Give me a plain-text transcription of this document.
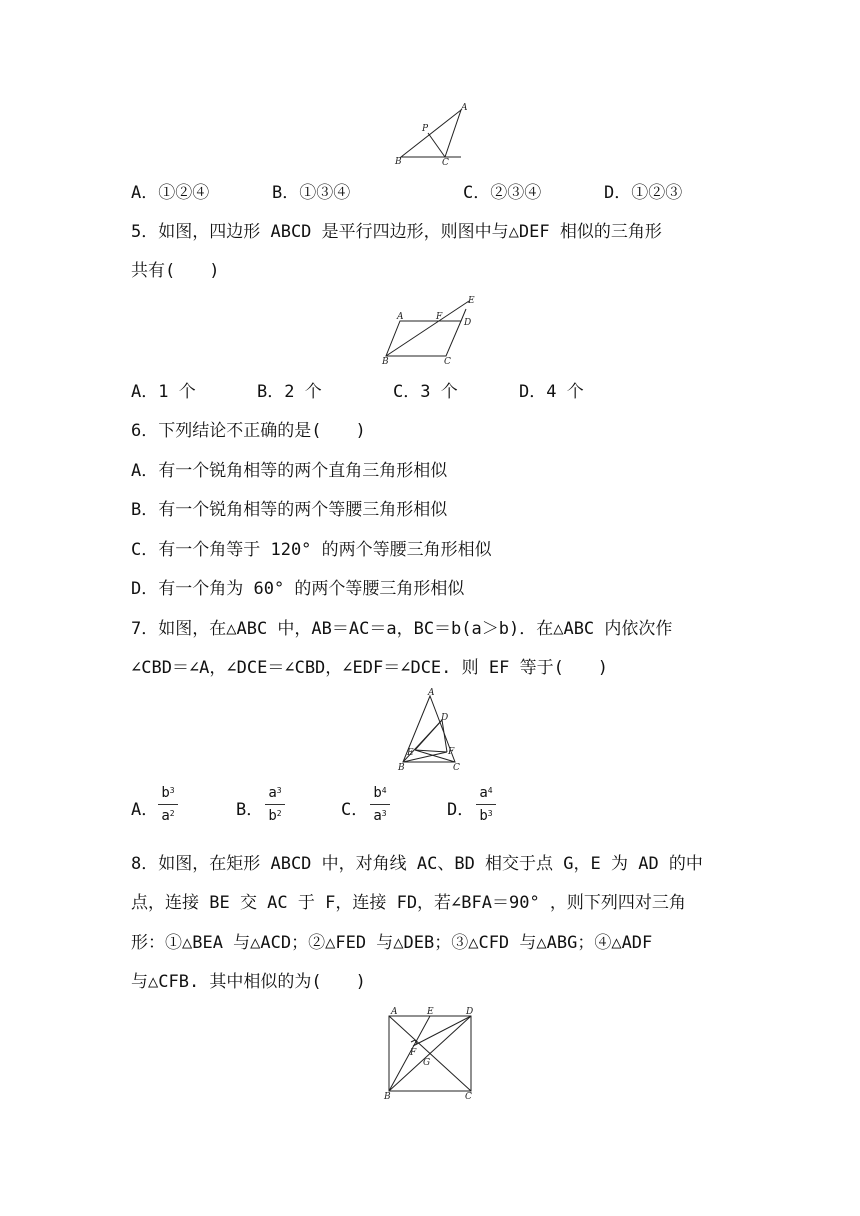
A
P
B	C
A．①②④	B．①③④	C．②③④	D．①②③
5．如图，四边形 ABCD 是平行四边形，则图中与△DEF 相似的三角形
共有(　　)
E
A	F
D
B	C
A．1 个	B．2 个	C．3 个	D．4 个
6．下列结论不正确的是(　　)
A．有一个锐角相等的两个直角三角形相似
B．有一个锐角相等的两个等腰三角形相似
C．有一个角等于 120° 的两个等腰三角形相似
D．有一个角为 60° 的两个等腰三角形相似
7．如图，在△ABC 中，AB＝AC＝a，BC＝b(a＞b)．在△ABC 内依次作
∠CBD＝∠A，∠DCE＝∠CBD，∠EDF＝∠DCE. 则 EF 等于(　　)
A
D
E	F
B	C
A．
$b^3$
$a^2$	B．
$a^3$
$b^2$	C．
$b^4$
$a^3$	D．
$a^4$
$b^3$
8．如图，在矩形 ABCD 中，对角线 AC、BD 相交于点 G，E 为 AD 的中
点，连接 BE 交 AC 于 F，连接 FD，若∠BFA＝90° ，则下列四对三角
形：①△BEA 与△ACD；②△FED 与△DEB；③△CFD 与△ABG；④△ADF
与△CFB. 其中相似的为(　　)
A	E	D
F
G
B	C
